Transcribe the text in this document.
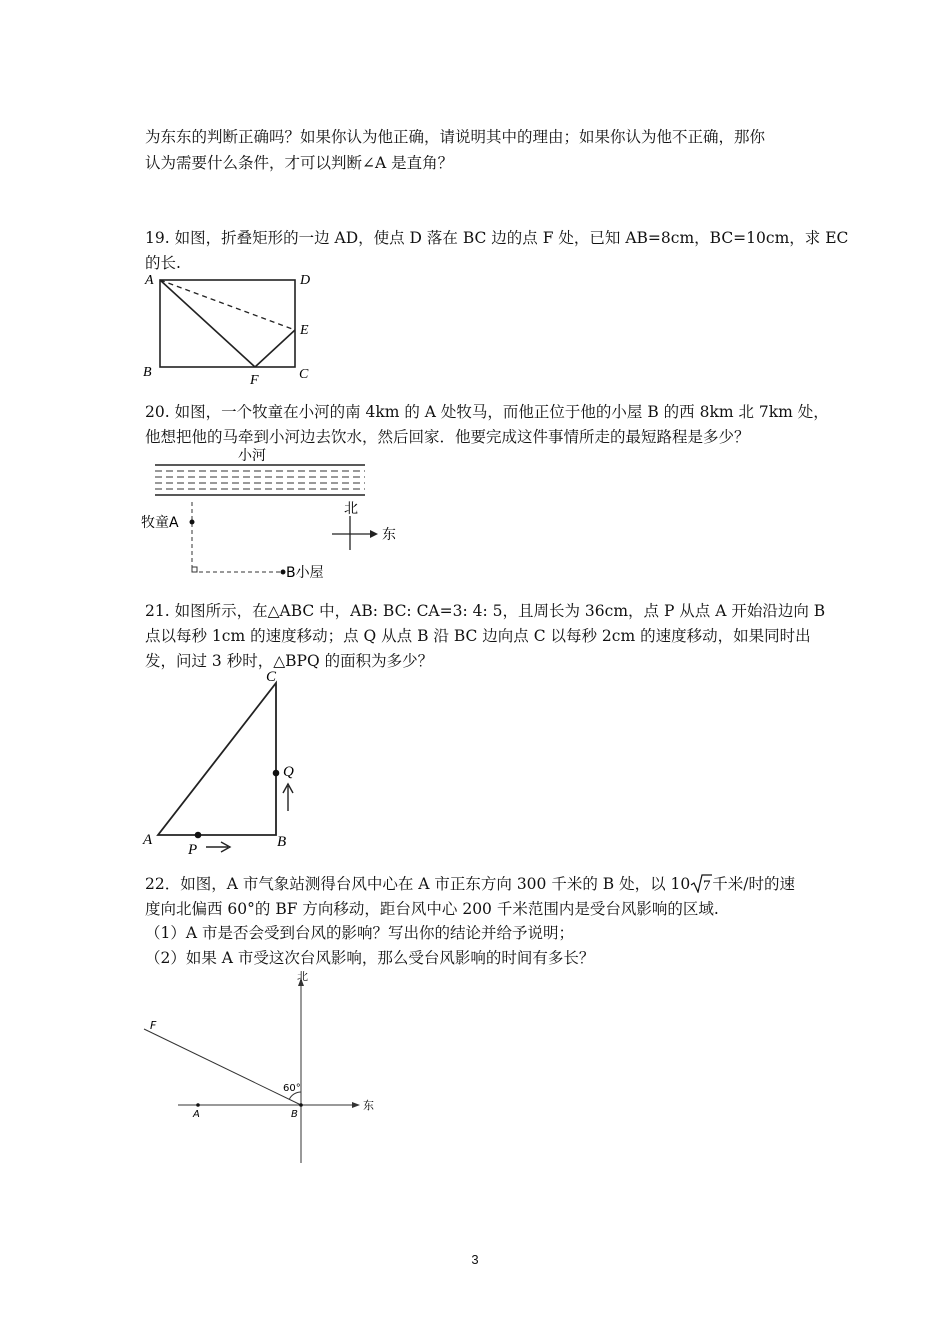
为东东的判断正确吗？如果你认为他正确，请说明其中的理由；如果你认为他不正确，那你
认为需要什么条件，才可以判断∠A 是直角？
19. 如图，折叠矩形的一边 AD，使点 D 落在 BC 边的点 F 处，已知 AB=8cm，BC=10cm，求 EC
的长.
A	D
E
B
F	C
20. 如图，一个牧童在小河的南 4km 的 A 处牧马，而他正位于他的小屋 B 的西 8km 北 7km 处，
他想把他的马牵到小河边去饮水，然后回家．他要完成这件事情所走的最短路程是多少？
小河
牧童A
B小屋
北
东
21. 如图所示，在△ABC 中，AB: BC: CA=3: 4: 5，且周长为 36cm，点 P 从点 A 开始沿边向 B
点以每秒 1cm 的速度移动；点 Q 从点 B 沿 BC 边向点 C 以每秒 2cm 的速度移动，如果同时出
发，问过 3 秒时，△BPQ 的面积为多少？
C
Q
A	B
P
22．如图，A 市气象站测得台风中心在 A 市正东方向 300 千米的 B 处，以 10 7 千米/时的速
度向北偏西 60°的 BF 方向移动，距台风中心 200 千米范围内是受台风影响的区域.
（1）A 市是否会受到台风的影响？写出你的结论并给予说明；
（2）如果 A 市受这次台风影响，那么受台风影响的时间有多长？
北
东
F
60°
A	B
3
